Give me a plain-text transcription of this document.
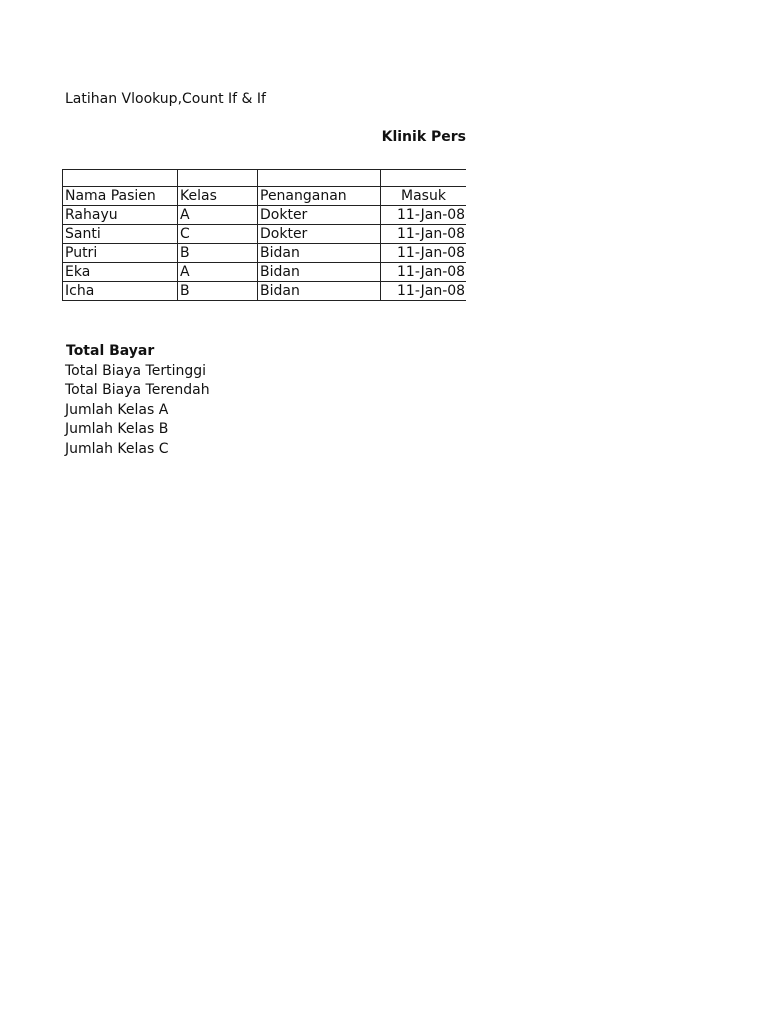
Latihan Vlookup,Count If & If
Klinik Pers

Nama Pasien	Kelas	Penanganan	Masuk
Rahayu	A	Dokter	11-Jan-08
Santi	C	Dokter	11-Jan-08
Putri	B	Bidan	11-Jan-08
Eka	A	Bidan	11-Jan-08
Icha	B	Bidan	11-Jan-08
Total Bayar
Total Biaya Tertinggi
Total Biaya Terendah
Jumlah Kelas A
Jumlah Kelas B
Jumlah Kelas C
